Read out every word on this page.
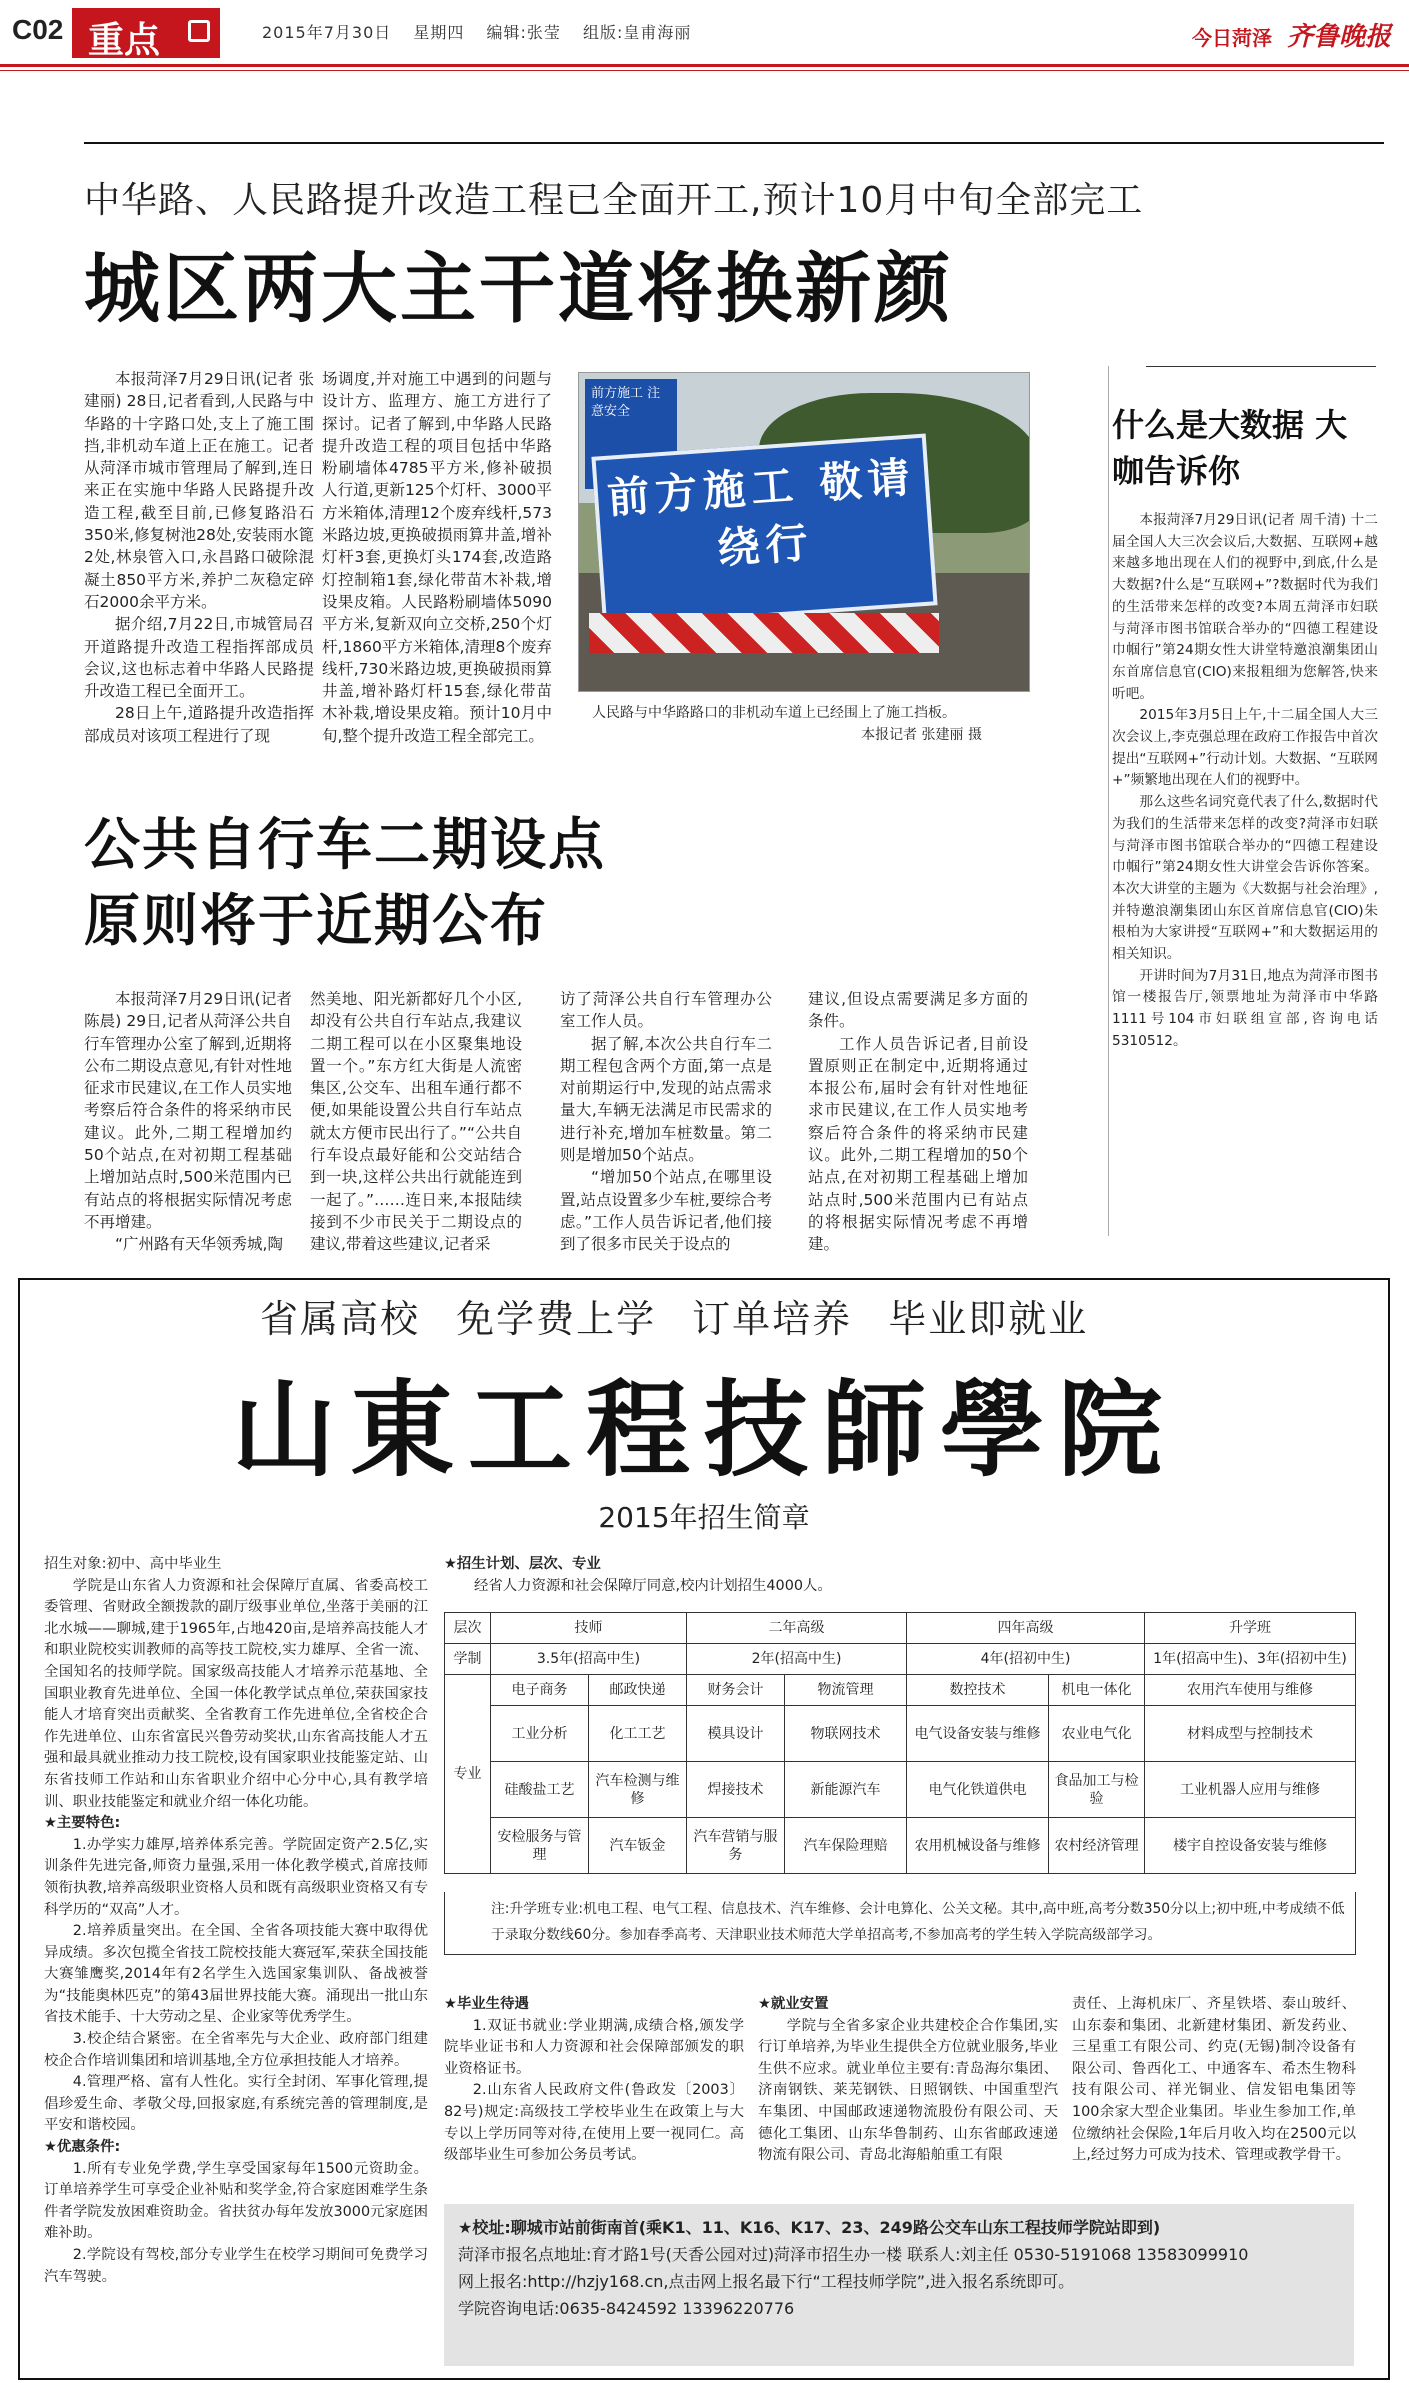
C02 重点	2015年7月30日 星期四 编辑:张莹 组版:皇甫海丽	今日菏泽 齐鲁晚报
中华路、人民路提升改造工程已全面开工,预计10月中旬全部完工
城区两大主干道将换新颜

本报菏泽7月29日讯(记者 张建丽) 28日,记者看到,人民路与中华路的十字路口处,支上了施工围挡,非机动车道上正在施工。记者从菏泽市城市管理局了解到,连日来正在实施中华路人民路提升改造工程,截至目前,已修复路沿石350米,修复树池28处,安装雨水篦2处,林泉管入口,永昌路口破除混凝土850平方米,养护二灰稳定碎石2000余平方米。

据介绍,7月22日,市城管局召开道路提升改造工程指挥部成员会议,这也标志着中华路人民路提升改造工程已全面开工。

28日上午,道路提升改造指挥部成员对该项工程进行了现

场调度,并对施工中遇到的问题与设计方、监理方、施工方进行了探讨。记者了解到,中华路人民路提升改造工程的项目包括中华路粉刷墙体4785平方米,修补破损人行道,更新125个灯杆、3000平方米箱体,清理12个废弃线杆,573米路边坡,更换破损雨算井盖,增补灯杆3套,更换灯头174套,改造路灯控制箱1套,绿化带苗木补栽,增设果皮箱。人民路粉刷墙体5090平方米,复新双向立交桥,250个灯杆,1860平方米箱体,清理8个废弃线杆,730米路边坡,更换破损雨算井盖,增补路灯杆15套,绿化带苗木补栽,增设果皮箱。预计10月中旬,整个提升改造工程全部完工。

前方施工 注意安全
前方施工 敬请绕行

人民路与中华路路口的非机动车道上已经围上了施工挡板。

本报记者 张建丽 摄

什么是大数据 大咖告诉你

本报菏泽7月29日讯(记者 周千清) 十二届全国人大三次会议后,大数据、互联网+越来越多地出现在人们的视野中,到底,什么是大数据?什么是“互联网+”?数据时代为我们的生活带来怎样的改变?本周五菏泽市妇联与菏泽市图书馆联合举办的“四德工程建设巾帼行”第24期女性大讲堂特邀浪潮集团山东首席信息官(CIO)来报粗细为您解答,快来听吧。

2015年3月5日上午,十二届全国人大三次会议上,李克强总理在政府工作报告中首次提出“互联网+”行动计划。大数据、“互联网+”频繁地出现在人们的视野中。

那么这些名词究竟代表了什么,数据时代为我们的生活带来怎样的改变?菏泽市妇联与菏泽市图书馆联合举办的“四德工程建设巾帼行”第24期女性大讲堂会告诉你答案。本次大讲堂的主题为《大数据与社会治理》,并特邀浪潮集团山东区首席信息官(CIO)朱根柏为大家讲授“互联网+”和大数据运用的相关知识。

开讲时间为7月31日,地点为菏泽市图书馆一楼报告厅,领票地址为菏泽市中华路1111号104市妇联组宣部,咨询电话5310512。

公共自行车二期设点
原则将于近期公布

本报菏泽7月29日讯(记者 陈晨) 29日,记者从菏泽公共自行车管理办公室了解到,近期将公布二期设点意见,有针对性地征求市民建议,在工作人员实地考察后符合条件的将采纳市民建议。此外,二期工程增加约50个站点,在对初期工程基础上增加站点时,500米范围内已有站点的将根据实际情况考虑不再增建。

“广州路有天华领秀城,陶

然美地、阳光新都好几个小区,却没有公共自行车站点,我建议二期工程可以在小区聚集地设置一个。”东方红大街是人流密集区,公交车、出租车通行都不便,如果能设置公共自行车站点就太方便市民出行了。”“公共自行车设点最好能和公交站结合到一块,这样公共出行就能连到一起了。”……连日来,本报陆续接到不少市民关于二期设点的建议,带着这些建议,记者采

访了菏泽公共自行车管理办公室工作人员。

据了解,本次公共自行车二期工程包含两个方面,第一点是对前期运行中,发现的站点需求量大,车辆无法满足市民需求的进行补充,增加车桩数量。第二则是增加50个站点。

“增加50个站点,在哪里设置,站点设置多少车桩,要综合考虑。”工作人员告诉记者,他们接到了很多市民关于设点的

建议,但设点需要满足多方面的条件。

工作人员告诉记者,目前设置原则正在制定中,近期将通过本报公布,届时会有针对性地征求市民建议,在工作人员实地考察后符合条件的将采纳市民建议。此外,二期工程增加的50个站点,在对初期工程基础上增加站点时,500米范围内已有站点的将根据实际情况考虑不再增建。

省属高校 免学费上学 订单培养 毕业即就业
山東工程技師學院
2015年招生简章

招生对象:初中、高中毕业生

学院是山东省人力资源和社会保障厅直属、省委高校工委管理、省财政全额拨款的副厅级事业单位,坐落于美丽的江北水城——聊城,建于1965年,占地420亩,是培养高技能人才和职业院校实训教师的高等技工院校,实力雄厚、全省一流、全国知名的技师学院。国家级高技能人才培养示范基地、全国职业教育先进单位、全国一体化教学试点单位,荣获国家技能人才培育突出贡献奖、全省教育工作先进单位,全省校企合作先进单位、山东省富民兴鲁劳动奖状,山东省高技能人才五强和最具就业推动力技工院校,设有国家职业技能鉴定站、山东省技师工作站和山东省职业介绍中心分中心,具有教学培训、职业技能鉴定和就业介绍一体化功能。

★主要特色:

1.办学实力雄厚,培养体系完善。学院固定资产2.5亿,实训条件先进完备,师资力量强,采用一体化教学模式,首席技师领衔执教,培养高级职业资格人员和既有高级职业资格又有专科学历的“双高”人才。

2.培养质量突出。在全国、全省各项技能大赛中取得优异成绩。多次包揽全省技工院校技能大赛冠军,荣获全国技能大赛雏鹰奖,2014年有2名学生入选国家集训队、备战被誉为“技能奥林匹克”的第43届世界技能大赛。涌现出一批山东省技术能手、十大劳动之星、企业家等优秀学生。

3.校企结合紧密。在全省率先与大企业、政府部门组建校企合作培训集团和培训基地,全方位承担技能人才培养。

4.管理严格、富有人性化。实行全封闭、军事化管理,提倡珍爱生命、孝敬父母,回报家庭,有系统完善的管理制度,是平安和谐校园。

★优惠条件:

1.所有专业免学费,学生享受国家每年1500元资助金。订单培养学生可享受企业补贴和奖学金,符合家庭困难学生条件者学院发放困难资助金。省扶贫办每年发放3000元家庭困难补助。

2.学院设有驾校,部分专业学生在校学习期间可免费学习汽车驾驶。

★招生计划、层次、专业

经省人力资源和社会保障厅同意,校内计划招生4000人。

层次	技师		二年高级		四年高级		升学班
学制	3.5年(招高中生)		2年(招高中生)		4年(招初中生)		1年(招高中生)、3年(招初中生)
专业	电子商务	邮政快递	财务会计	物流管理	数控技术	机电一体化	农用汽车使用与维修
	工业分析	化工工艺	模具设计	物联网技术	电气设备安装与维修	农业电气化	材料成型与控制技术
	硅酸盐工艺	汽车检测与维修	焊接技术	新能源汽车	电气化铁道供电	食品加工与检验	工业机器人应用与维修
	安检服务与管理	汽车钣金	汽车营销与服务	汽车保险理赔	农用机械设备与维修	农村经济管理	楼宇自控设备安装与维修
注:升学班专业:机电工程、电气工程、信息技术、汽车维修、会计电算化、公关文秘。其中,高中班,高考分数350分以上;初中班,中考成绩不低于录取分数线60分。参加春季高考、天津职业技术师范大学单招高考,不参加高考的学生转入学院高级部学习。

★毕业生待遇

1.双证书就业:学业期满,成绩合格,颁发学院毕业证书和人力资源和社会保障部颁发的职业资格证书。

2.山东省人民政府文件(鲁政发〔2003〕82号)规定:高级技工学校毕业生在政策上与大专以上学历同等对待,在使用上要一视同仁。高级部毕业生可参加公务员考试。

★就业安置

学院与全省多家企业共建校企合作集团,实行订单培养,为毕业生提供全方位就业服务,毕业生供不应求。就业单位主要有:青岛海尔集团、济南钢铁、莱芜钢铁、日照钢铁、中国重型汽车集团、中国邮政速递物流股份有限公司、天德化工集团、山东华鲁制药、山东省邮政速递物流有限公司、青岛北海船舶重工有限

责任、上海机床厂、齐星铁塔、泰山玻纤、山东泰和集团、北新建材集团、新发药业、三星重工有限公司、约克(无锡)制冷设备有限公司、鲁西化工、中通客车、希杰生物科技有限公司、祥光铜业、信发铝电集团等100余家大型企业集团。毕业生参加工作,单位缴纳社会保险,1年后月收入均在2500元以上,经过努力可成为技术、管理或教学骨干。

★校址:聊城市站前街南首(乘K1、11、K16、K17、23、249路公交车山东工程技师学院站即到)

菏泽市报名点地址:育才路1号(天香公园对过)菏泽市招生办一楼 联系人:刘主任 0530-5191068 13583099910

网上报名:http://hzjy168.cn,点击网上报名最下行“工程技师学院”,进入报名系统即可。

学院咨询电话:0635-8424592 13396220776
